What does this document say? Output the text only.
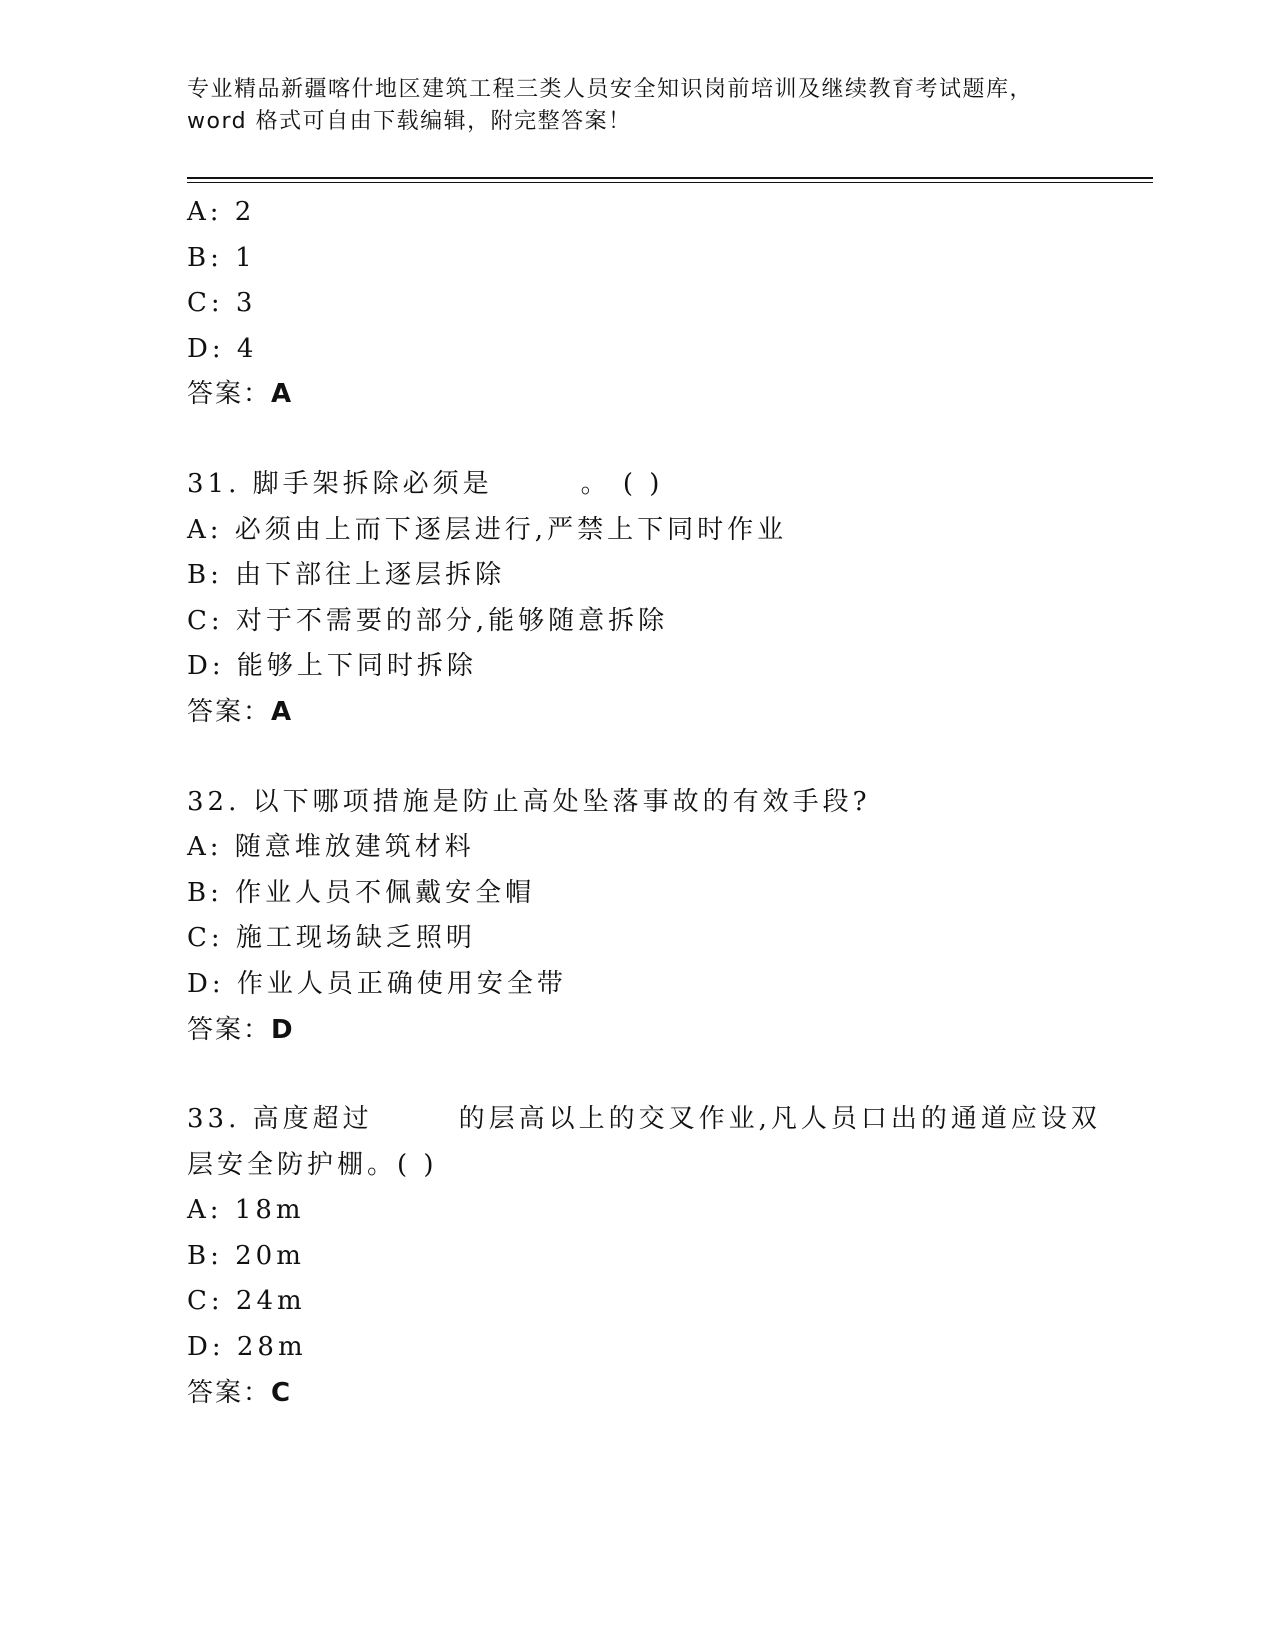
专业精品新疆喀什地区建筑工程三类人员安全知识岗前培训及继续教育考试题库，
word 格式可自由下载编辑，附完整答案！
A: 2
B: 1
C: 3
D: 4
答案：A
31. 脚手架拆除必须是	。 ( )
A: 必须由上而下逐层进行,严禁上下同时作业
B: 由下部往上逐层拆除
C: 对于不需要的部分,能够随意拆除
D: 能够上下同时拆除
答案：A
32. 以下哪项措施是防止高处坠落事故的有效手段?
A: 随意堆放建筑材料
B: 作业人员不佩戴安全帽
C: 施工现场缺乏照明
D: 作业人员正确使用安全带
答案：D
33. 高度超过	的层高以上的交叉作业,凡人员口出的通道应设双
层安全防护棚。( )
A: 18m
B: 20m
C: 24m
D: 28m
答案：C
